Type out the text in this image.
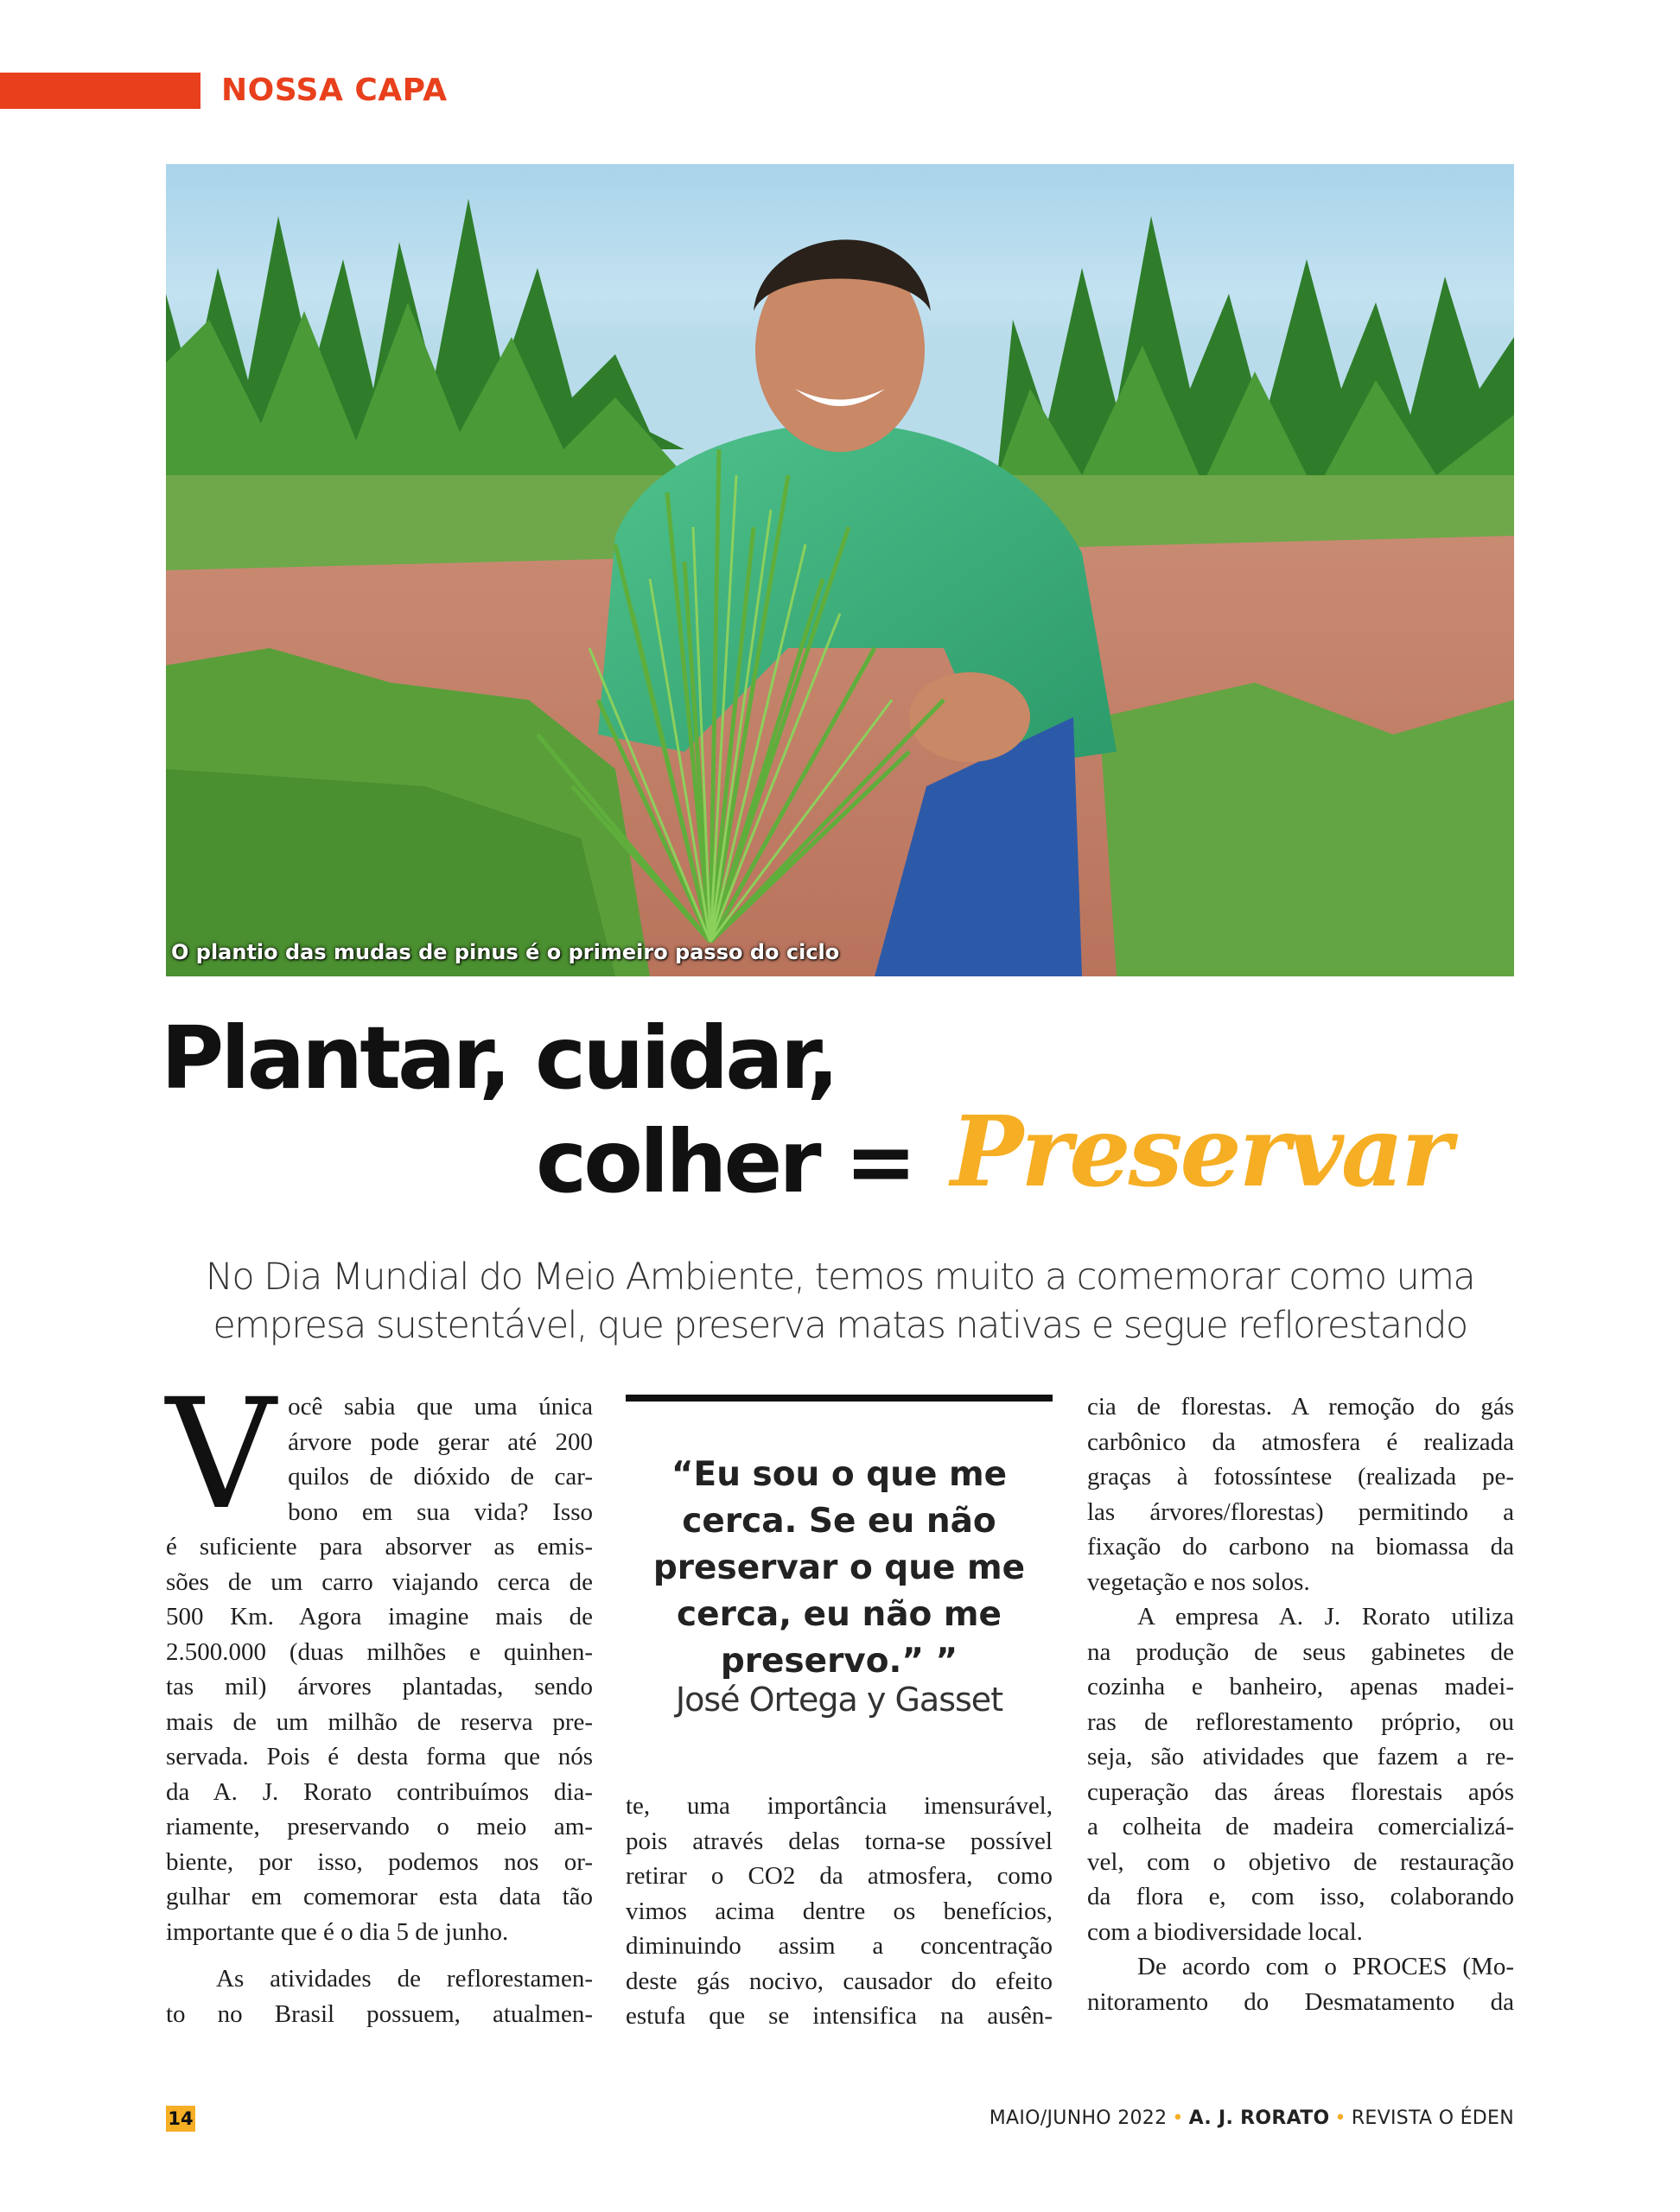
NOSSA CAPA
O plantio das mudas de pinus é o primeiro passo do ciclo
Plantar, cuidar,
colher = Preservar
No Dia Mundial do Meio Ambiente, temos muito a comemorar como uma
empresa sustentável, que preserva matas nativas e segue reflorestando
V ocê sabia que uma única

árvore pode gerar até 200

quilos de dióxido de car-

bono em sua vida? Isso

é suficiente para absorver as emis-

sões de um carro viajando cerca de

500 Km. Agora imagine mais de

2.500.000 (duas milhões e quinhen-

tas mil) árvores plantadas, sendo

mais de um milhão de reserva pre-

servada. Pois é desta forma que nós

da A. J. Rorato contribuímos dia-

riamente, preservando o meio am-

biente, por isso, podemos nos or-

gulhar em comemorar esta data tão

importante que é o dia 5 de junho.

As atividades de reflorestamen-

to no Brasil possuem, atualmen-

“Eu sou o que me cerca. Se eu não preservar o que me cerca, eu não me preservo.” ”
José Ortega y Gasset

te, uma importância imensurável,

pois através delas torna-se possível

retirar o CO2 da atmosfera, como

vimos acima dentre os benefícios,

diminuindo assim a concentração

deste gás nocivo, causador do efeito

estufa que se intensifica na ausên-

cia de florestas. A remoção do gás

carbônico da atmosfera é realizada

graças à fotossíntese (realizada pe-

las árvores/florestas) permitindo a

fixação do carbono na biomassa da

vegetação e nos solos.

A empresa A. J. Rorato utiliza

na produção de seus gabinetes de

cozinha e banheiro, apenas madei-

ras de reflorestamento próprio, ou

seja, são atividades que fazem a re-

cuperação das áreas florestais após

a colheita de madeira comercializá-

vel, com o objetivo de restauração

da flora e, com isso, colaborando

com a biodiversidade local.

De acordo com o PROCES (Mo-

nitoramento do Desmatamento da

14	MAIO/JUNHO 2022 • A. J. RORATO • REVISTA O ÉDEN
